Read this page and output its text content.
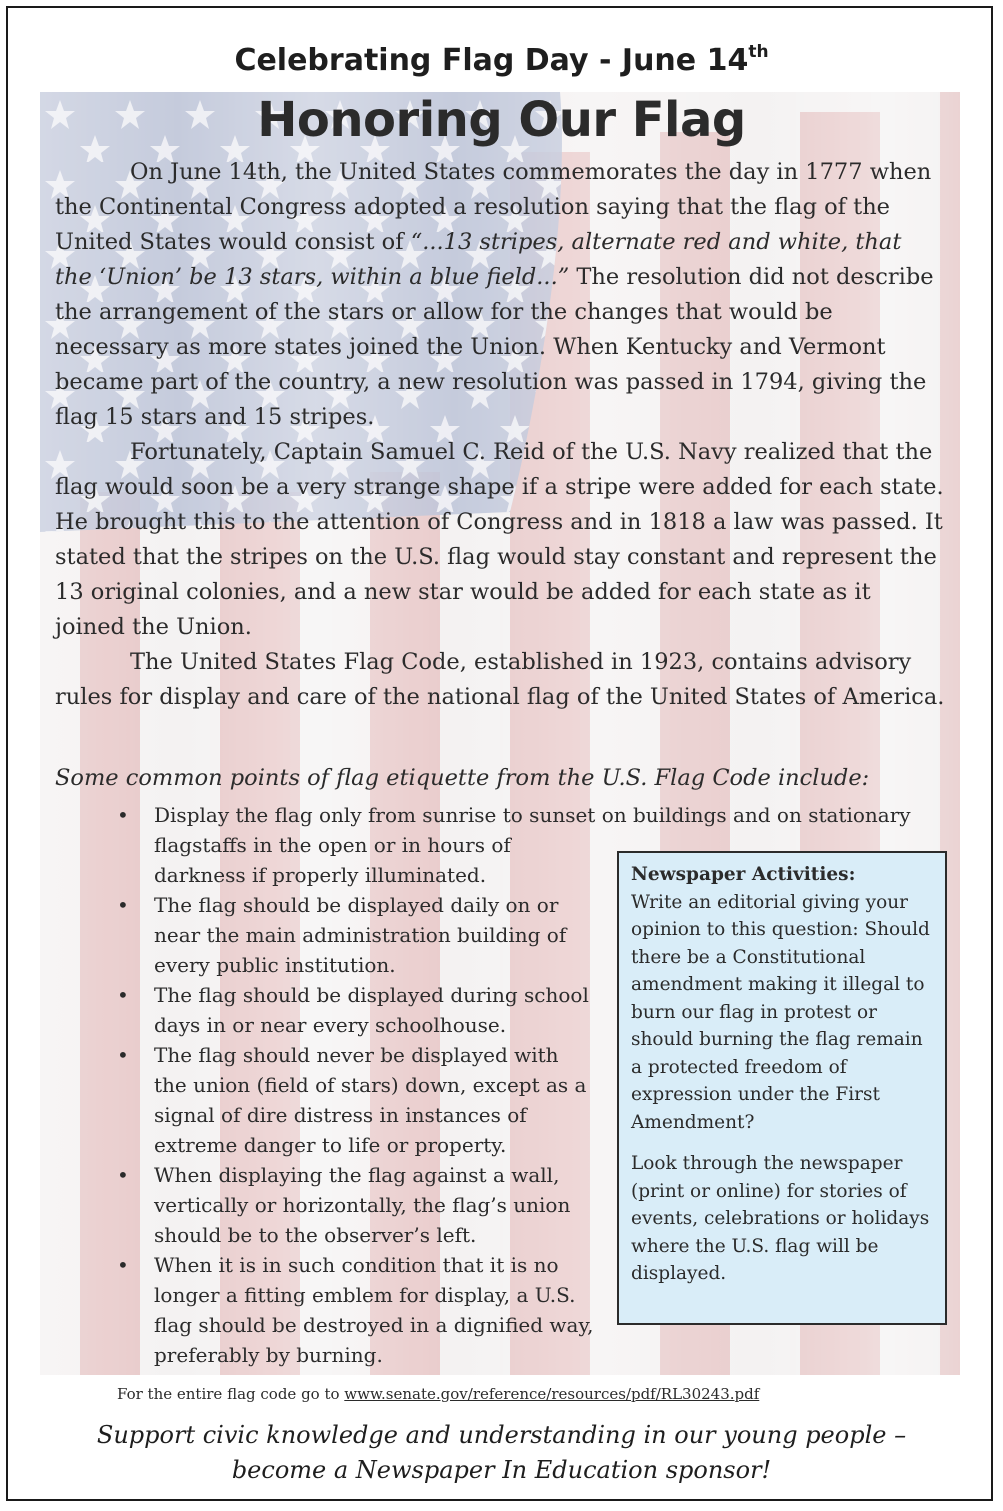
Celebrating Flag Day - June 14th
Honoring Our Flag

On June 14th, the United States commemorates the day in 1777 when the Continental Congress adopted a resolution saying that the flag of the United States would consist of “...13 stripes, alternate red and white, that the ‘Union’ be 13 stars, within a blue field...” The resolution did not describe the arrangement of the stars or allow for the changes that would be necessary as more states joined the Union. When Kentucky and Vermont became part of the country, a new resolution was passed in 1794, giving the flag 15 stars and 15 stripes.

Fortunately, Captain Samuel C. Reid of the U.S. Navy realized that the flag would soon be a very strange shape if a stripe were added for each state. He brought this to the attention of Congress and in 1818 a law was passed. It stated that the stripes on the U.S. flag would stay constant and represent the 13 original colonies, and a new star would be added for each state as it joined the Union.

The United States Flag Code, established in 1923, contains advisory rules for display and care of the national flag of the United States of America.

Some common points of flag etiquette from the U.S. Flag Code include:
• Display the flag only from sunrise to sunset on buildings and on stationary
flagstaffs in the open or in hours of darkness if properly illuminated.
• The flag should be displayed daily on or near the main administration building of every public institution.
• The flag should be displayed during school days in or near every schoolhouse.
• The flag should never be displayed with the union (field of stars) down, except as a signal of dire distress in instances of extreme danger to life or property.
• When displaying the flag against a wall, vertically or horizontally, the flag’s union should be to the observer’s left.
• When it is in such condition that it is no longer a fitting emblem for display, a U.S. flag should be destroyed in a dignified way, preferably by burning.
Newspaper Activities:

Write an editorial giving your opinion to this question: Should there be a Constitutional amendment making it illegal to burn our flag in protest or should burning the flag remain a protected freedom of expression under the First Amendment?

Look through the newspaper (print or online) for stories of events, celebrations or holidays where the U.S. flag will be displayed.

For the entire flag code go to www.senate.gov/reference/resources/pdf/RL30243.pdf
Support civic knowledge and understanding in our young people –
become a Newspaper In Education sponsor!
